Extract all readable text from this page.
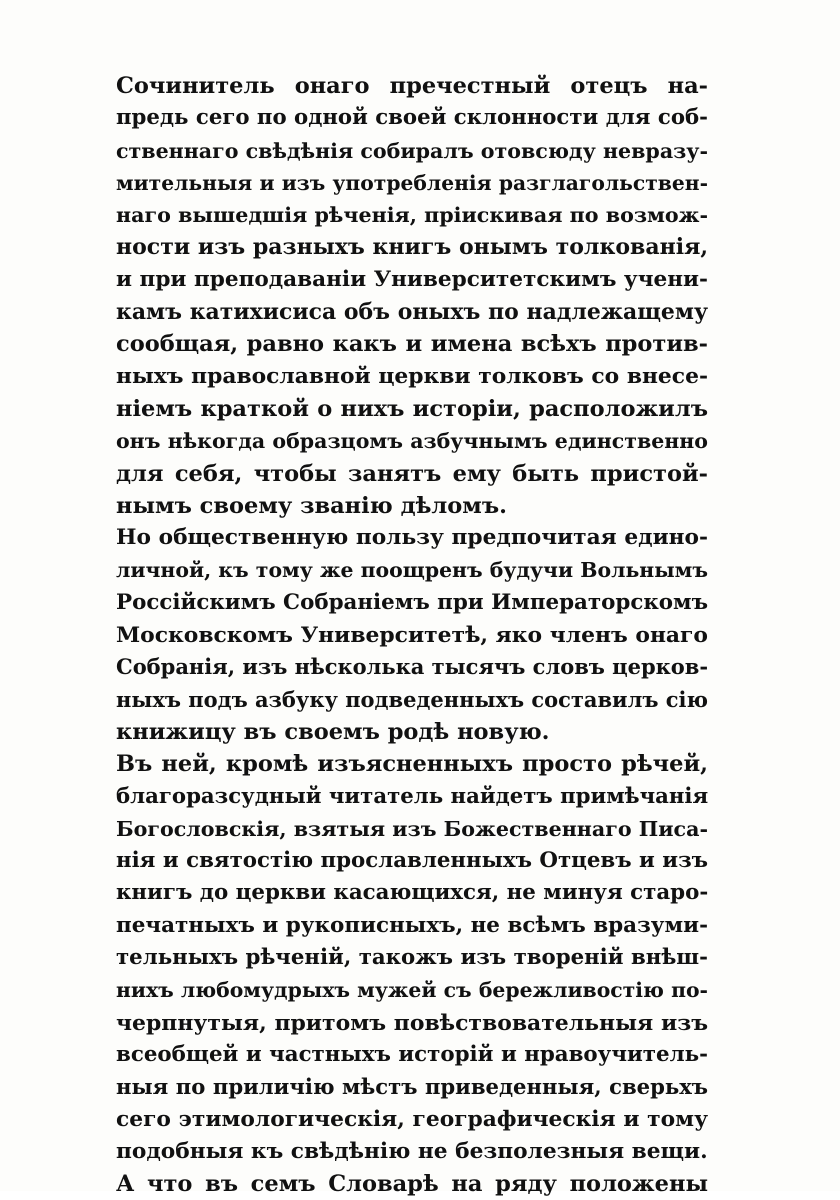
Сочинитель онаго пречестный отецъ на-
предь сего по одной своей склонности для соб-
ственнаго свѣдѣнія собиралъ отовсюду невразу-
мительныя и изъ употребленія разглагольствен-
наго вышедшія рѣченія, пріискивая по возмож-
ности изъ разныхъ книгъ онымъ толкованія,
и при преподаваніи Университетскимъ учени-
камъ катихисиса объ оныхъ по надлежащему
сообщая, равно какъ и имена всѣхъ против-
ныхъ православной церкви толковъ со внесе-
ніемъ краткой о нихъ исторіи, расположилъ
онъ нѣкогда образцомъ азбучнымъ единственно
для себя, чтобы занятъ ему быть пристой-
нымъ своему званію дѣломъ.
Но общественную пользу предпочитая едино-
личной, къ тому же поощренъ будучи Вольнымъ
Россійскимъ Собраніемъ при Императорскомъ
Московскомъ Университетѣ, яко членъ онаго
Собранія, изъ нѣсколька тысячъ словъ церков-
ныхъ подъ азбуку подведенныхъ составилъ сію
книжицу въ своемъ родѣ новую.
Въ ней, кромѣ изъясненныхъ просто рѣчей,
благоразсудный читатель найдетъ примѣчанія
Богословскія, взятыя изъ Божественнаго Писа-
нія и святостію прославленныхъ Отцевъ и изъ
книгъ до церкви касающихся, не минуя старо-
печатныхъ и рукописныхъ, не всѣмъ вразуми-
тельныхъ рѣченій, такожъ изъ твореній внѣш-
нихъ любомудрыхъ мужей съ бережливостію по-
черпнутыя, притомъ повѣствовательныя изъ
всеобщей и частныхъ исторій и нравоучитель-
ныя по приличію мѣстъ приведенныя, сверьхъ
сего этимологическія, географическія и тому
подобныя къ свѣдѣнію не безполезныя вещи.
А что въ семъ Словарѣ на ряду положены
